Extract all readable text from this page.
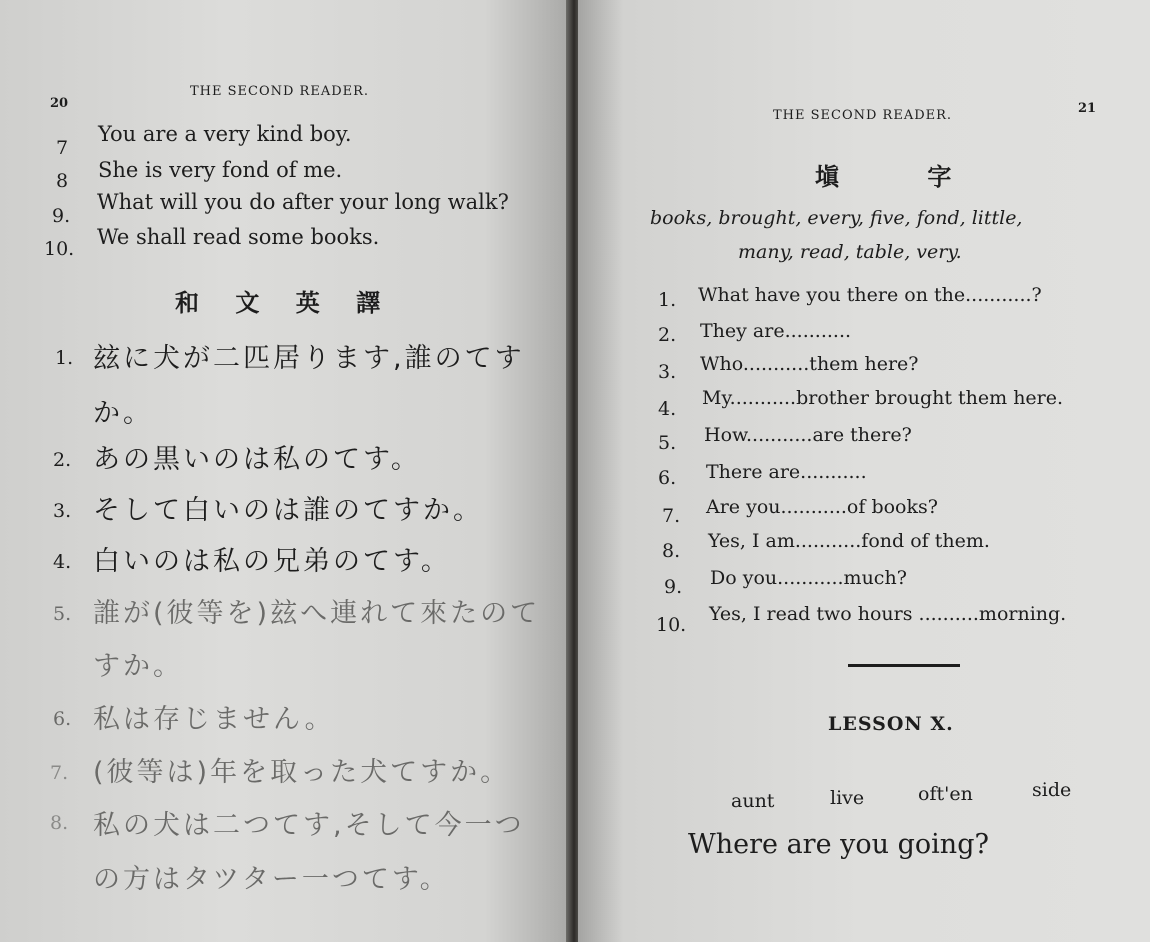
20
THE SECOND READER.
7
You are a very kind boy.
8 She is very fond of me.
9.
What will you do after your long walk?
10. We shall read some books.
和 文 英 譯
1. 玆に犬が二匹居ります,誰のてす
か。
2. あの黒いのは私のてす。
3. そして白いのは誰のてすか。
4. 白いのは私の兄弟のてす。
5. 誰が(彼等を)玆へ連れて來たのて
すか。
6. 私は存じません。
7. (彼等は)年を取った犬てすか。
8. 私の犬は二つてす,そして今一つ
の方はタツター一つてす。
THE SECOND READER.	21
塡 字
books, brought, every, five, fond, little,
many, read, table, very.
1. What have you there on the...........?
2. They are...........
3. Who...........them here?
4. My...........brother brought them here.
5. How...........are there?
6. There are...........
7. Are you...........of books?
8. Yes, I am...........fond of them.
9. Do you...........much?
10. Yes, I read two hours ..........morning.
LESSON X.
aunt	live	oft'en	side
Where are you going?
